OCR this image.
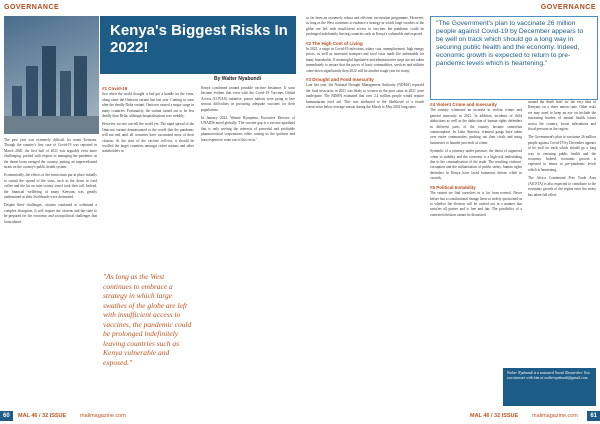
GOVERNANCE
Kenya's Biggest Risks In 2022!
By Walter Nyabundi

The past year was extremely difficult for many Kenyans. Though the country's first case of Covid-19 was reported in March 2020, the first half of 2021 was arguably even more challenging, pocked with respect to managing the pandemic as the threat loom ravaged the country, putting an unprecedented strain on the country's public health system.

Economically, the effects of the restrictions put in place initially to curtail the spread of the virus, such as the down in food coffee and the hit on inter-county travel took their toll. Indeed, the financial wellbeing of many Kenyans was greatly undermined as their livelihoods were decimated.

Despite these challenges, citizens continued to withstand a complex disruption. It will require the citizens and the state to be prepared for the economic and sociopolitical challenges that loom ahead.

#1 Covid-19

Just when the world thought it had got a handle on the virus, along came the Omicron variant late last year. Coming so soon after the deadly Delta variant, Omicron caused a major surge in many countries. Fortunately, the variant turned out to be less deadly than Delta, although hospitalisations rose steadily.

However, no one can tell the world yet. The rapid spread of the Omicron variant demonstrated to the world that the pandemic will not end until all countries have vaccinated most of their citizens. At the start of the vaccine roll-out, it should be recalled the larger countries amongst richer nations and other stakeholders in

"As long as the West continues to embrace a strategy in which large swathes of the globe are left with insufficient access to vaccines, the pandemic could be prolonged indefinitely leaving countries such as Kenya vulnerable and exposed."

Kenya confirmed around possible vaccine hesitance. It soon became evident that even with the Covid-19 Vaccines Global Access (COVAX) initiative, poorer nations were going to face serious difficulties in procuring adequate vaccines for their populations.

In January 2022, Winnie Byanyima, Executive Director of UNAIDS noted globally, 'The vaccine gap is a vaccine apartheid that is only serving the interests of powerful and profitable pharmaceutical corporations while costing us the quickest and least expensive route out of this crisis.'

60	MAL 46 / 32 ISSUE	malimagazine.com
GOVERNANCE

so far been an extremely robust and efficient vaccination programme. However, as long as the West continues to embrace a strategy in which large swathes of the globe are left with insufficient access to vaccines the pandemic could be prolonged indefinitely leaving countries such as Kenya's vulnerable and exposed.

#2 The High Cost of Living

In 2021, a surge in Covid-19 infections, salary cuts, unemployment, high energy prices, as well as increased transport and food costs made life unbearable for many households. If meaningful legislative and administrative steps are not taken immediately to ensure that the prices of basic commodities, services and utilities come down significantly then 2022 will be another tough year for many.

#3 Drought and Food Insecurity

Late last year, the National Drought Management Authority (NDMA) reported the food insecurity in 2021 was likely to worsen as the poor rains in 2021 were inadequate. The NDMA estimated that over 2.4 million people would require humanitarian food aid. This was attributed to the likelihood of a fourth consecutive below average season during the March to May 2022 long rains.

#4 Violent Crime and Insecurity

The country witnessed an increase in violent crimes and general insecurity in 2021. In addition, incidents of child abductions as well as the abduction of human rights defenders in different parts of the country became somewhat commonplace. In Latin America, criminal gangs have taken over entire communities, pushing out their rivals and using businesses to launder proceeds of crime.

Symbolic of a citizenry under pressure, the threat of organised crime to stability and the economy is a high-risk undertaking due to the criminalisation of the trade. The resulting violence, corruption and the militarisation of public safety, human rights defenders in Kenya have faced numerous threats while in custody.

#5 Political Instability

The season we find ourselves in is far from normal. Never before has a constitutional change been so widely questioned as to whether the election will be carried out in a manner that satisfies all parties and is free and fair. The possibility of a contested election cannot be dismissed.

around the death brief for the very idea of Kenyans on a sheer nation state. Other risks we may need to keep an eye on include the increasing burden of mental health issues across the country, locust infestations and fiscal pressure in the region.

The Government's plan to vaccinate 26 million people against Covid-19 by December appears to be well on track which should go a long way in ensuring public health and the economy. Indeed, economic growth is expected to return to pre-pandemic levels which is heartening.

The Africa Continental Free Trade Area (AfCFTA) is also expected to contribute to the economic growth of the region once the treaty has taken full effect.

MAL 46 / 32 ISSUE	malimagazine.com	61
"The Government's plan to vaccinate 26 million people against Covid-19 by December appears to be well on track which should go a long way in securing public health and the economy. Indeed, economic growth is expected to return to pre-pandemic levels which is heartening."
Walter Nyabundi is a seasoned Social Researcher. You can interact with him at walternyabundi@gmail.com
